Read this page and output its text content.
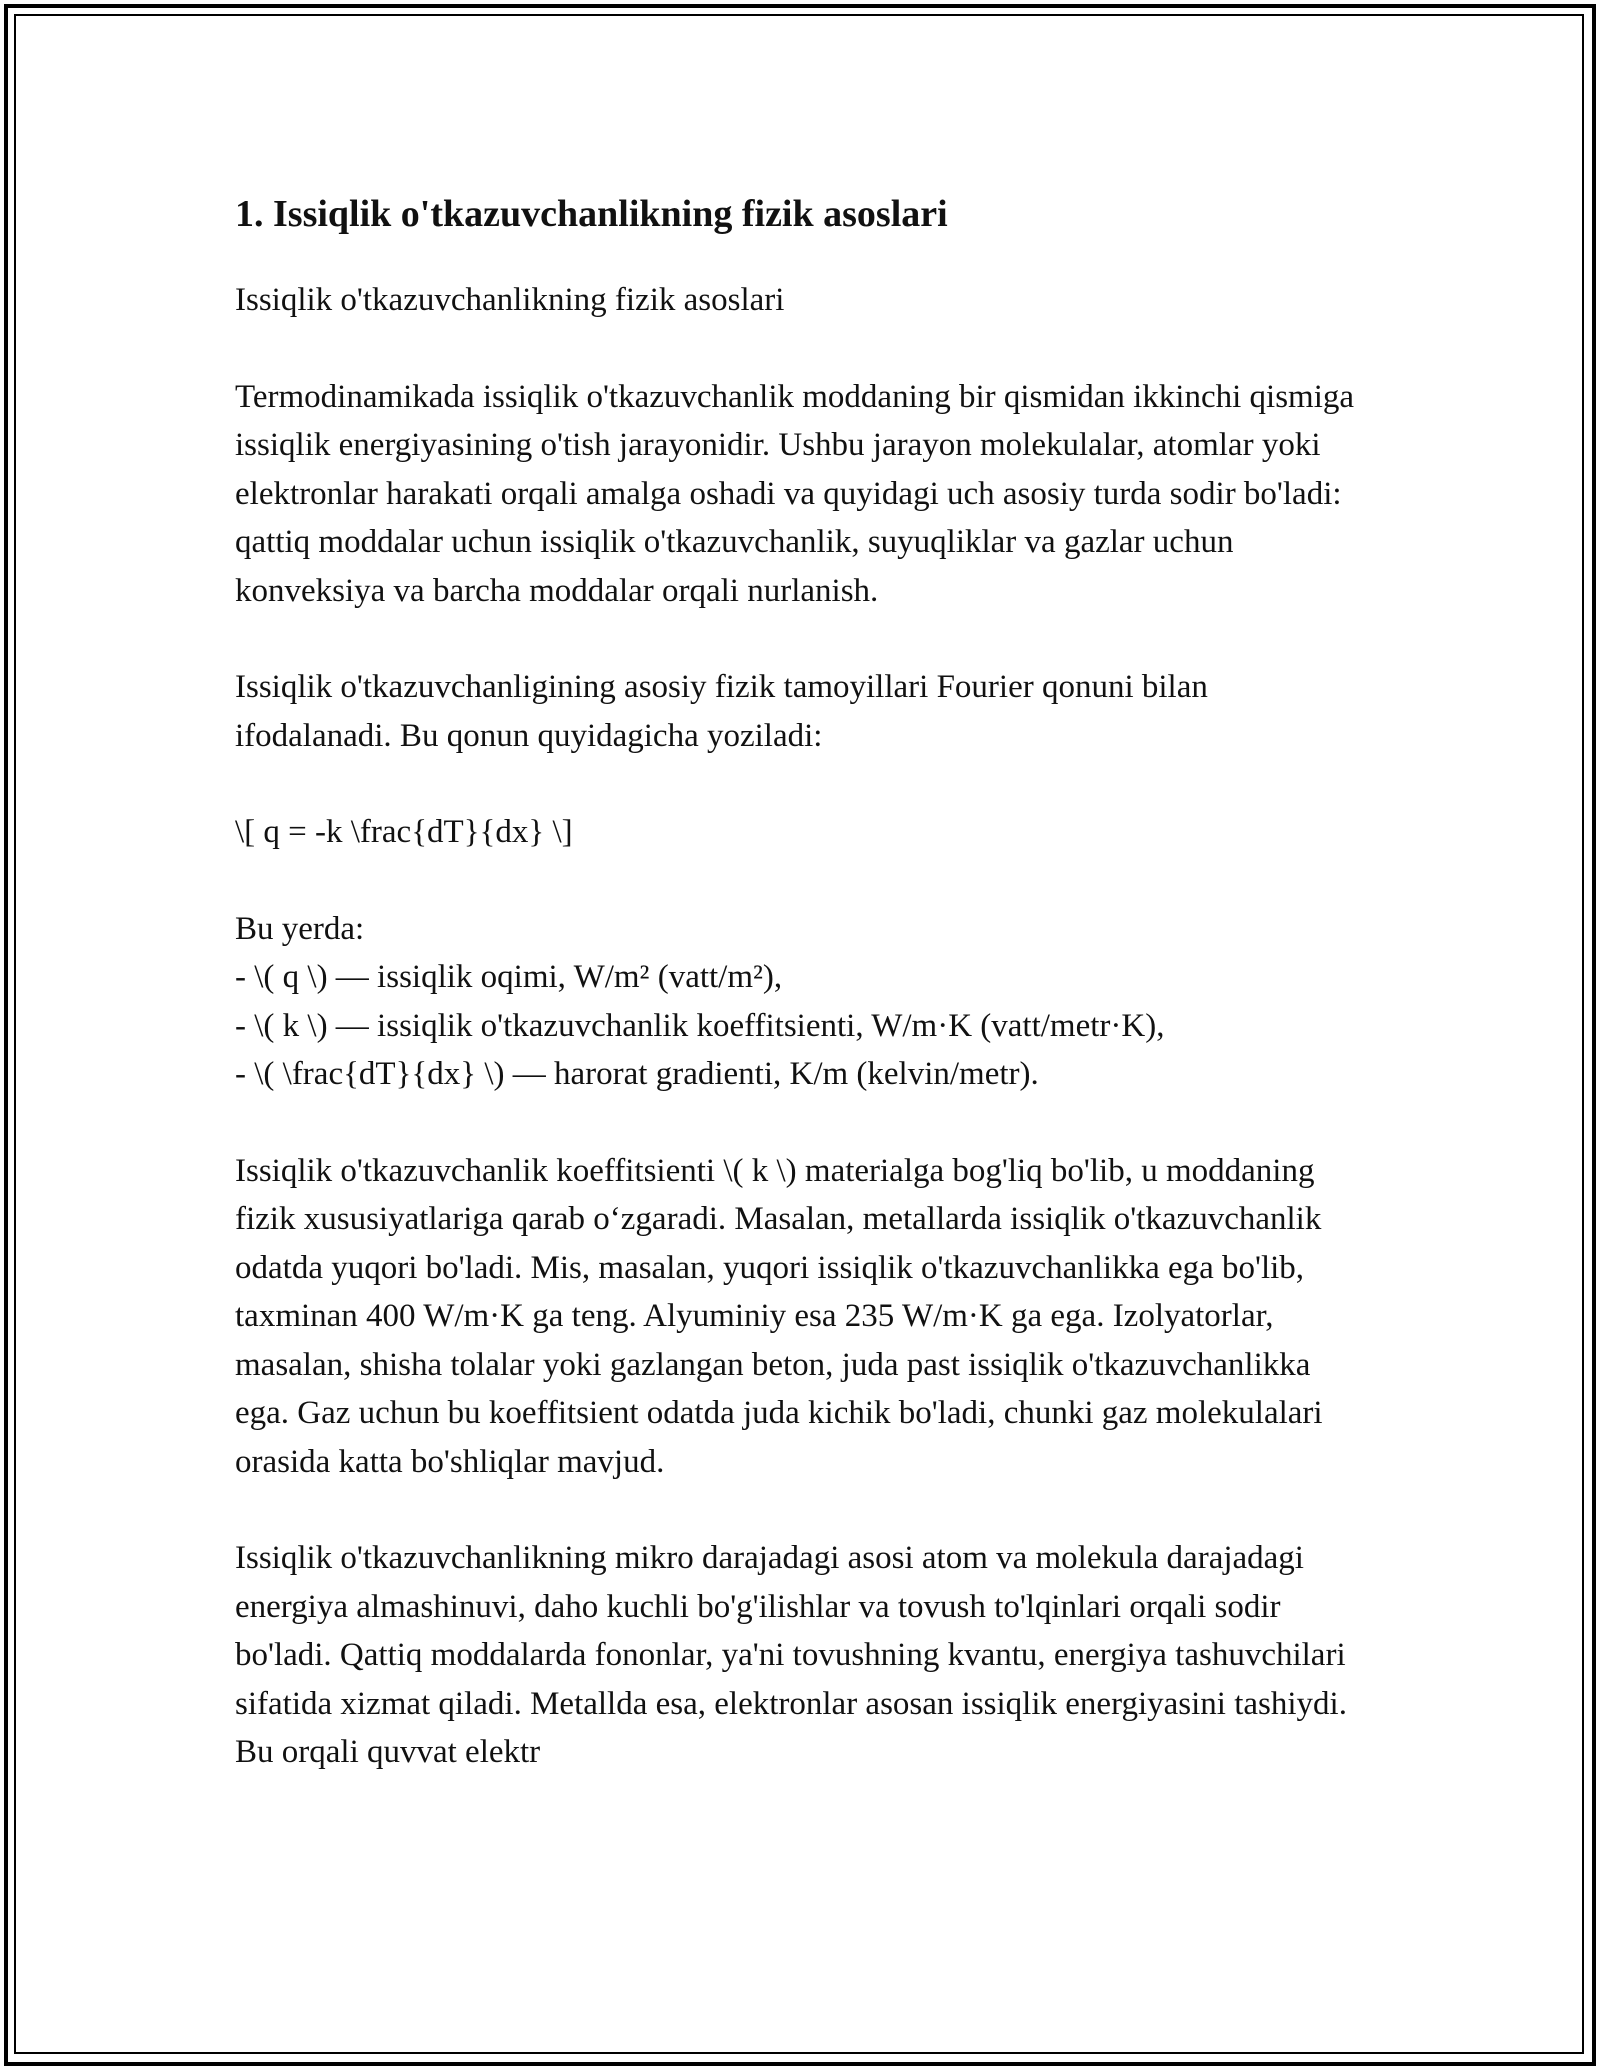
1. Issiqlik o'tkazuvchanlikning fizik asoslari

Issiqlik o'tkazuvchanlikning fizik asoslari

Termodinamikada issiqlik o'tkazuvchanlik moddaning bir qismidan ikkinchi qismiga issiqlik energiyasining o'tish jarayonidir. Ushbu jarayon molekulalar, atomlar yoki elektronlar harakati orqali amalga oshadi va quyidagi uch asosiy turda sodir bo'ladi: qattiq moddalar uchun issiqlik o'tkazuvchanlik, suyuqliklar va gazlar uchun konveksiya va barcha moddalar orqali nurlanish.

Issiqlik o'tkazuvchanligining asosiy fizik tamoyillari Fourier qonuni bilan ifodalanadi. Bu qonun quyidagicha yoziladi:

\[ q = -k \frac{dT}{dx} \]

Bu yerda:

- \( q \) — issiqlik oqimi, W/m² (vatt/m²),
- \( k \) — issiqlik o'tkazuvchanlik koeffitsienti, W/m·K (vatt/metr·K),
- \( \frac{dT}{dx} \) — harorat gradienti, K/m (kelvin/metr).

Issiqlik o'tkazuvchanlik koeffitsienti \( k \) materialga bog'liq bo'lib, u moddaning fizik xususiyatlariga qarab o‘zgaradi. Masalan, metallarda issiqlik o'tkazuvchanlik odatda yuqori bo'ladi. Mis, masalan, yuqori issiqlik o'tkazuvchanlikka ega bo'lib, taxminan 400 W/m·K ga teng. Alyuminiy esa 235 W/m·K ga ega. Izolyatorlar, masalan, shisha tolalar yoki gazlangan beton, juda past issiqlik o'tkazuvchanlikka ega. Gaz uchun bu koeffitsient odatda juda kichik bo'ladi, chunki gaz molekulalari orasida katta bo'shliqlar mavjud.

Issiqlik o'tkazuvchanlikning mikro darajadagi asosi atom va molekula darajadagi energiya almashinuvi, daho kuchli bo'g'ilishlar va tovush to'lqinlari orqali sodir bo'ladi. Qattiq moddalarda fononlar, ya'ni tovushning kvantu, energiya tashuvchilari sifatida xizmat qiladi. Metallda esa, elektronlar asosan issiqlik energiyasini tashiydi. Bu orqali quvvat elektr
